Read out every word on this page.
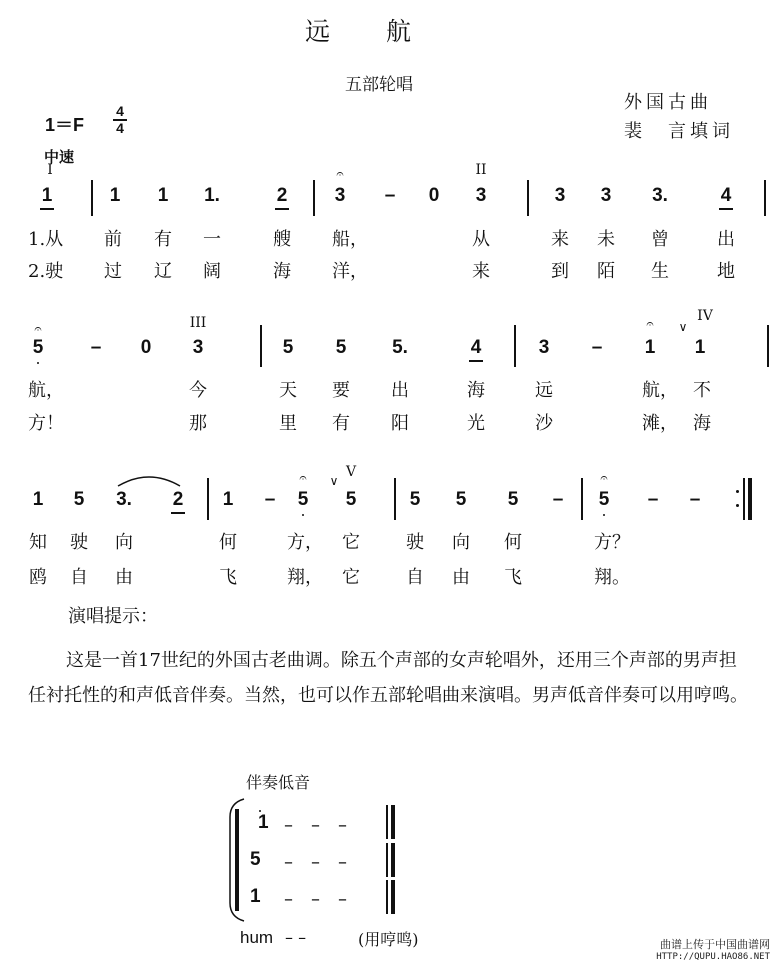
远　　航
五部轮唱
外国古曲
裴　言填词
1＝F
4
4
中速
I	II
𝄐
1	1 1 1.	2 3 – 0 3	3 3 3.	4
1.从 前 有 一	艘 船，	从	来 未 曾	出
2.驶 过 辽 阔	海 洋，	来	到 陌 生	地
III	∨
IV
𝄐	𝄐
5 – 0 3	5 5 5.	4	3 – 1 1
航，	今	天 要 出	海	远	航， 不
方！	那	里 有 阳	光	沙	滩， 海
𝄐	𝄐
∨
V
1 5 3. 2 1 – 5 5	5 5 5 – 5 – –
知 驶 向	何	方， 它	驶 向 何	方？
鸥 自 由	飞	翔， 它	自 由 飞	翔。
演唱提示：
这是一首17世纪的外国古老曲调。除五个声部的女声轮唱外，还用三个声部的男声担任衬托性的和声低音伴奏。当然，也可以作五部轮唱曲来演唱。男声低音伴奏可以用哼鸣。
伴奏低音
1 –　–　–
5 –　–　–
1 –　–　–
hum – –	(用哼鸣)	曲谱上传于中国曲谱网
HTTP://QUPU.HAO86.NET
